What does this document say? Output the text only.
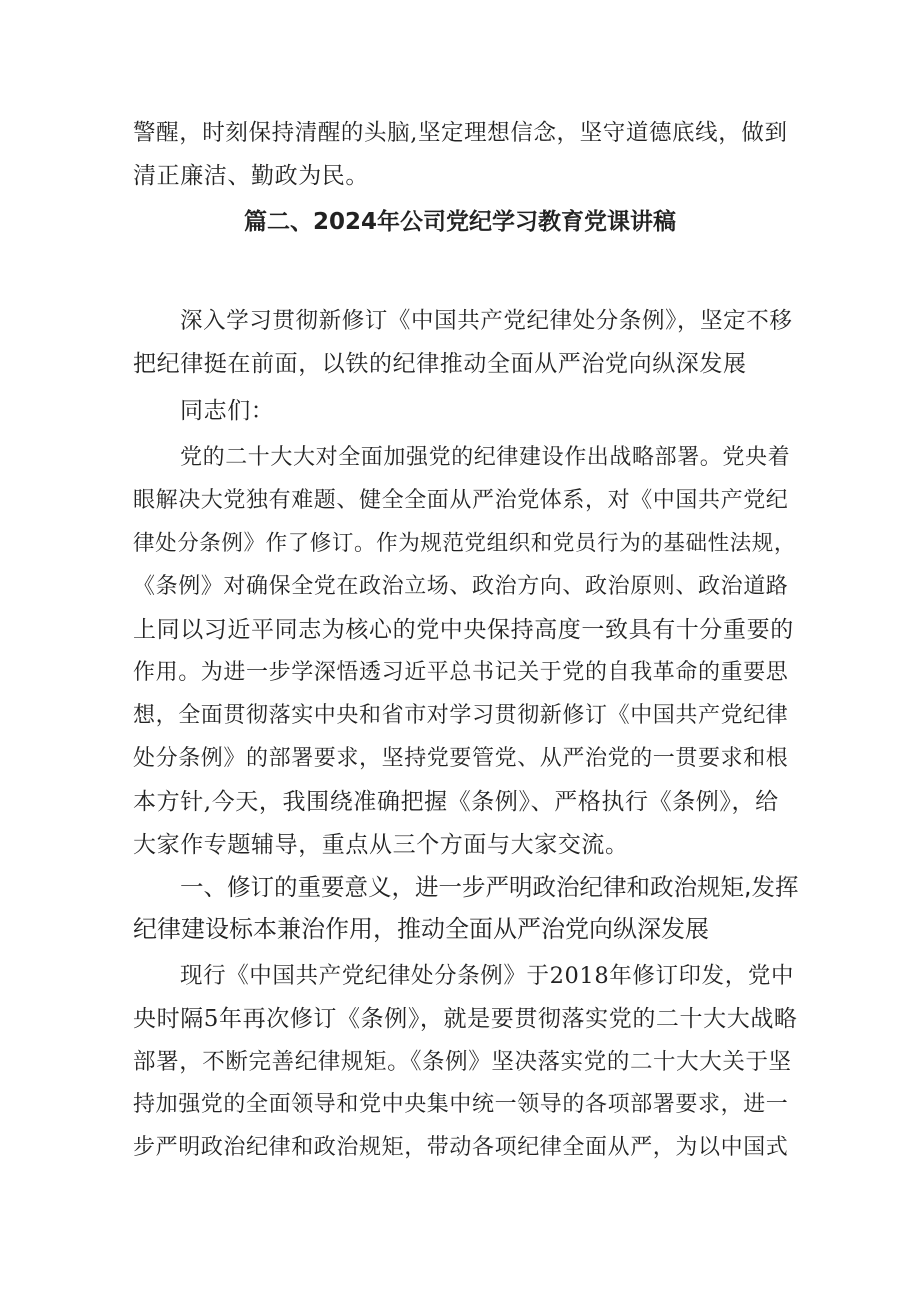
警醒，时刻保持清醒的头脑,坚定理想信念，坚守道德底线，做到
清正廉洁、勤政为民。
篇二、2024年公司党纪学习教育党课讲稿
深入学习贯彻新修订《中国共产党纪律处分条例》，坚定不移
把纪律挺在前面，以铁的纪律推动全面从严治党向纵深发展
同志们：
党的二十大大对全面加强党的纪律建设作出战略部署。党央着
眼解决大党独有难题、健全全面从严治党体系，对《中国共产党纪
律处分条例》作了修订。作为规范党组织和党员行为的基础性法规，
《条例》对确保全党在政治立场、政治方向、政治原则、政治道路
上同以习近平同志为核心的党中央保持高度一致具有十分重要的
作用。为进一步学深悟透习近平总书记关于党的自我革命的重要思
想，全面贯彻落实中央和省市对学习贯彻新修订《中国共产党纪律
处分条例》的部署要求，坚持党要管党、从严治党的一贯要求和根
本方针,今天，我围绕准确把握《条例》、严格执行《条例》，给
大家作专题辅导，重点从三个方面与大家交流。
一、修订的重要意义，进一步严明政治纪律和政治规矩,发挥
纪律建设标本兼治作用，推动全面从严治党向纵深发展
现行《中国共产党纪律处分条例》于2018年修订印发，党中
央时隔5年再次修订《条例》，就是要贯彻落实党的二十大大战略
部署，不断完善纪律规矩。《条例》坚决落实党的二十大大关于坚
持加强党的全面领导和党中央集中统一领导的各项部署要求，进一
步严明政治纪律和政治规矩，带动各项纪律全面从严，为以中国式
